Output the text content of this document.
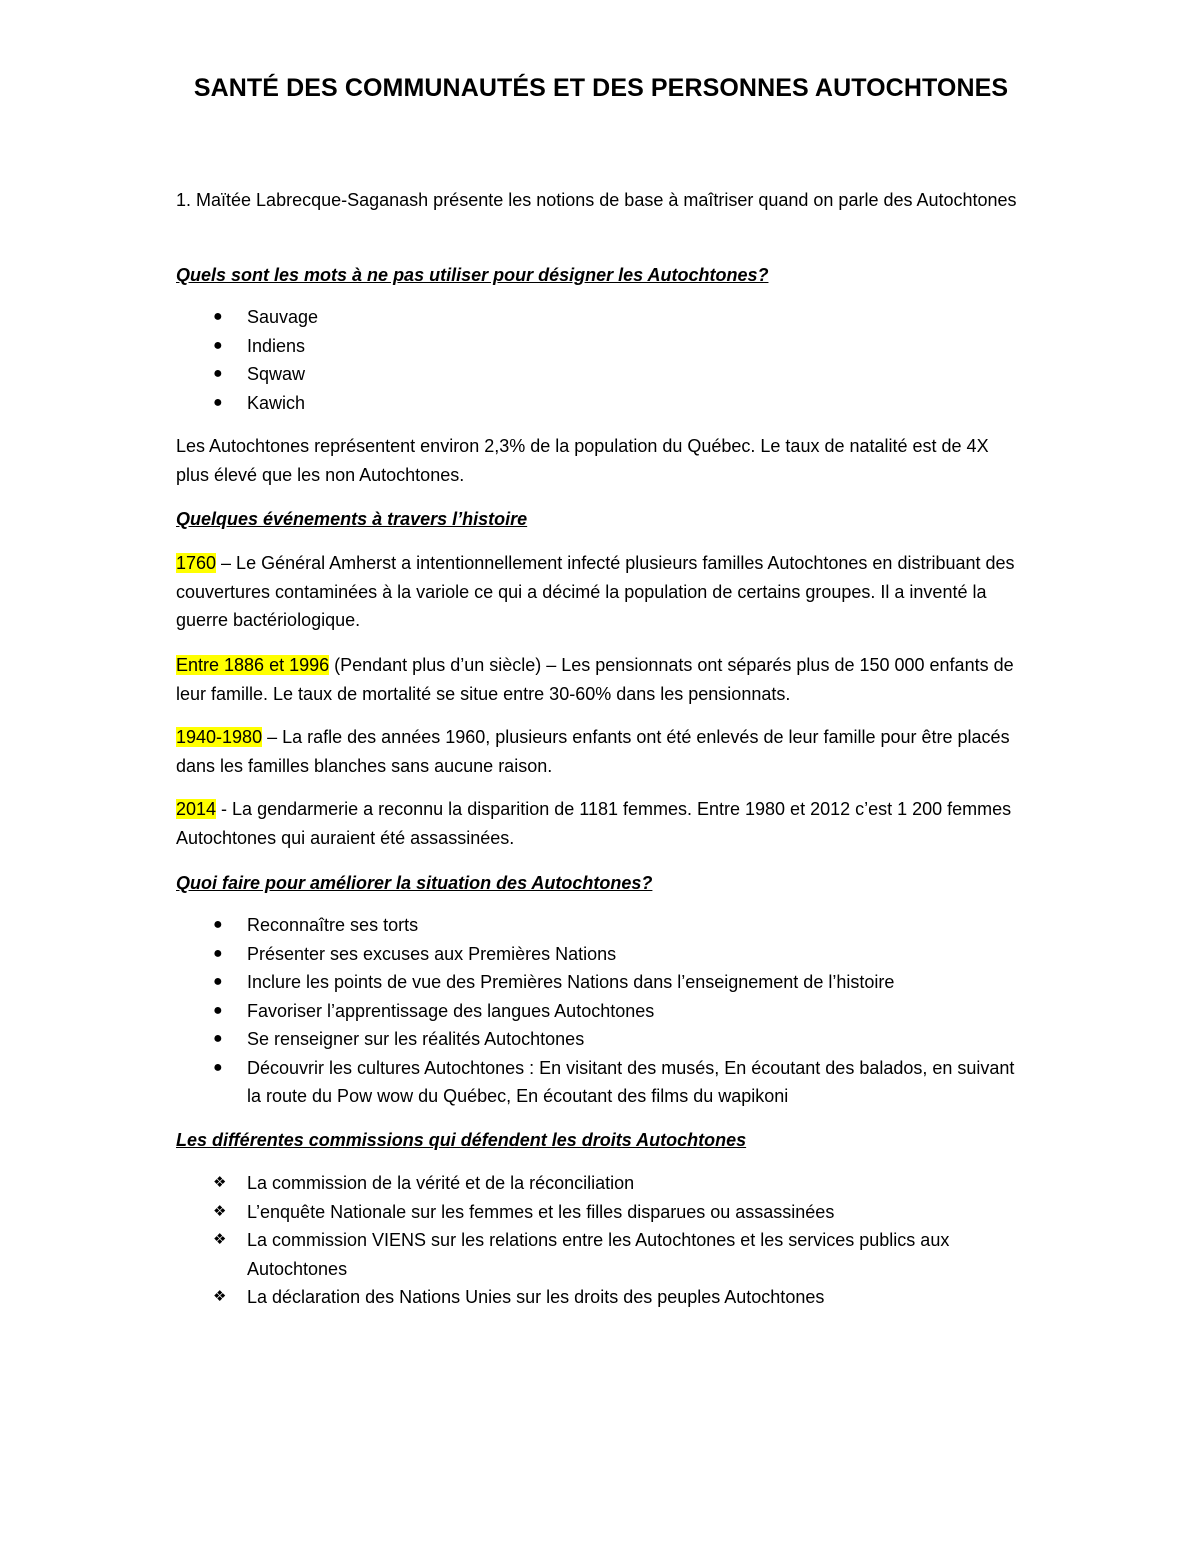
SANTÉ DES COMMUNAUTÉS ET DES PERSONNES AUTOCHTONES
1. Maïtée Labrecque-Saganash présente les notions de base à maîtriser quand on parle des Autochtones
Quels sont les mots à ne pas utiliser pour désigner les Autochtones?
●	Sauvage
●	Indiens
●	Sqwaw
●	Kawich
Les Autochtones représentent environ 2,3% de la population du Québec. Le taux de natalité est de 4X plus élevé que les non Autochtones.
Quelques événements à travers l’histoire
1760 – Le Général Amherst a intentionnellement infecté plusieurs familles Autochtones en distribuant des couvertures contaminées à la variole ce qui a décimé la population de certains groupes. Il a inventé la guerre bactériologique.
Entre 1886 et 1996 (Pendant plus d’un siècle) – Les pensionnats ont séparés plus de 150 000 enfants de leur famille. Le taux de mortalité se situe entre 30-60% dans les pensionnats.
1940-1980 – La rafle des années 1960, plusieurs enfants ont été enlevés de leur famille pour être placés dans les familles blanches sans aucune raison.
2014 - La gendarmerie a reconnu la disparition de 1181 femmes. Entre 1980 et 2012 c’est 1 200 femmes Autochtones qui auraient été assassinées.
Quoi faire pour améliorer la situation des Autochtones?
●	Reconnaître ses torts
●	Présenter ses excuses aux Premières Nations
●	Inclure les points de vue des Premières Nations dans l’enseignement de l’histoire
●	Favoriser l’apprentissage des langues Autochtones
●	Se renseigner sur les réalités Autochtones
●	Découvrir les cultures Autochtones : En visitant des musés, En écoutant des balados, en suivant la route du Pow wow du Québec, En écoutant des films du wapikoni
Les différentes commissions qui défendent les droits Autochtones
❖	La commission de la vérité et de la réconciliation
❖	L’enquête Nationale sur les femmes et les filles disparues ou assassinées
❖	La commission VIENS sur les relations entre les Autochtones et les services publics aux Autochtones
❖	La déclaration des Nations Unies sur les droits des peuples Autochtones
